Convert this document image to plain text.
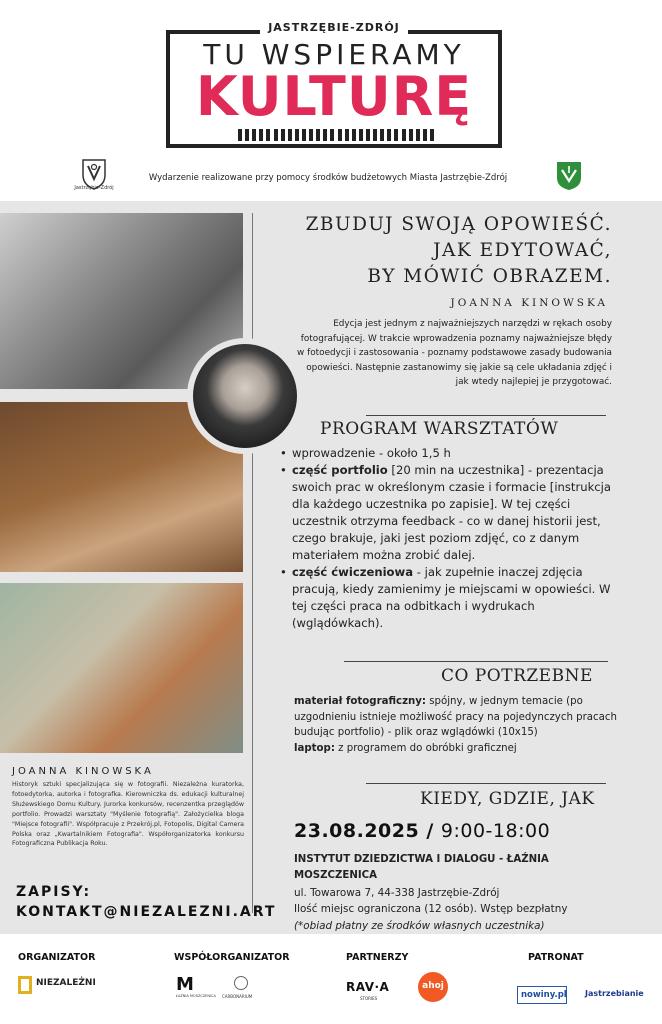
JASTRZĘBIE-ZDRÓJ
TU WSPIERAMY
KULTURĘ
Jastrzębie-Zdrój
Wydarzenie realizowane przy pomocy środków budżetowych Miasta Jastrzębie-Zdrój
ZBUDUJ SWOJĄ OPOWIEŚĆ.
JAK EDYTOWAĆ,
BY MÓWIĆ OBRAZEM.
JOANNA KINOWSKA
Edycja jest jednym z najważniejszych narzędzi w rękach osoby fotografującej. W trakcie wprowadzenia poznamy najważniejsze błędy w fotoedycji i zastosowania - poznamy podstawowe zasady budowania opowieści. Następnie zastanowimy się jakie są cele układania zdjęć i jak wtedy najlepiej je przygotować.
PROGRAM WARSZTATÓW
• wprowadzenie - około 1,5 h
• część portfolio [20 min na uczestnika] - prezentacja swoich prac w określonym czasie i formacie [instrukcja dla każdego uczestnika po zapisie]. W tej części uczestnik otrzyma feedback - co w danej historii jest, czego brakuje, jaki jest poziom zdjęć, co z danym materiałem można zrobić dalej.
• część ćwiczeniowa - jak zupełnie inaczej zdjęcia pracują, kiedy zamienimy je miejscami w opowieści. W tej części praca na odbitkach i wydrukach (wglądówkach).
CO POTRZEBNE
materiał fotograficzny: spójny, w jednym temacie (po uzgodnieniu istnieje możliwość pracy na pojedynczych pracach budując portfolio) - plik oraz wglądówki (10x15)
laptop: z programem do obróbki graficznej
KIEDY, GDZIE, JAK
23.08.2025 / 9:00-18:00
INSTYTUT DZIEDZICTWA I DIALOGU - ŁAŹNIA MOSZCZENICA
ul. Towarowa 7, 44-338 Jastrzębie-Zdrój
Ilość miejsc ograniczona (12 osób). Wstęp bezpłatny
(*obiad płatny ze środków własnych uczestnika)
JOANNA KINOWSKA
Historyk sztuki specjalizująca się w fotografii. Niezależna kuratorka, fotoedytorka, autorka i fotografka. Kierowniczka ds. edukacji kulturalnej Służewskiego Domu Kultury. Jurorka konkursów, recenzentka przeglądów portfolio. Prowadzi warsztaty "Myślenie fotografią". Założycielka bloga "Miejsce fotografii". Współpracuje z Przekrój.pl, Fotopolis, Digital Camera Polska oraz „Kwartalnikiem Fotografia". Współorganizatorka konkursu Fotograficzna Publikacja Roku.
ZAPISY:
KONTAKT@NIEZALEZNI.ART
ORGANIZATOR	WSPÓŁORGANIZATOR	PARTNERZY	PATRONAT
NIEZALEŻNI	M
ŁAŹNIA MOSZCZENICA CARBONARIUM
RAV·A
STORIES
ahoj
nowiny.pl Jastrzebianie
